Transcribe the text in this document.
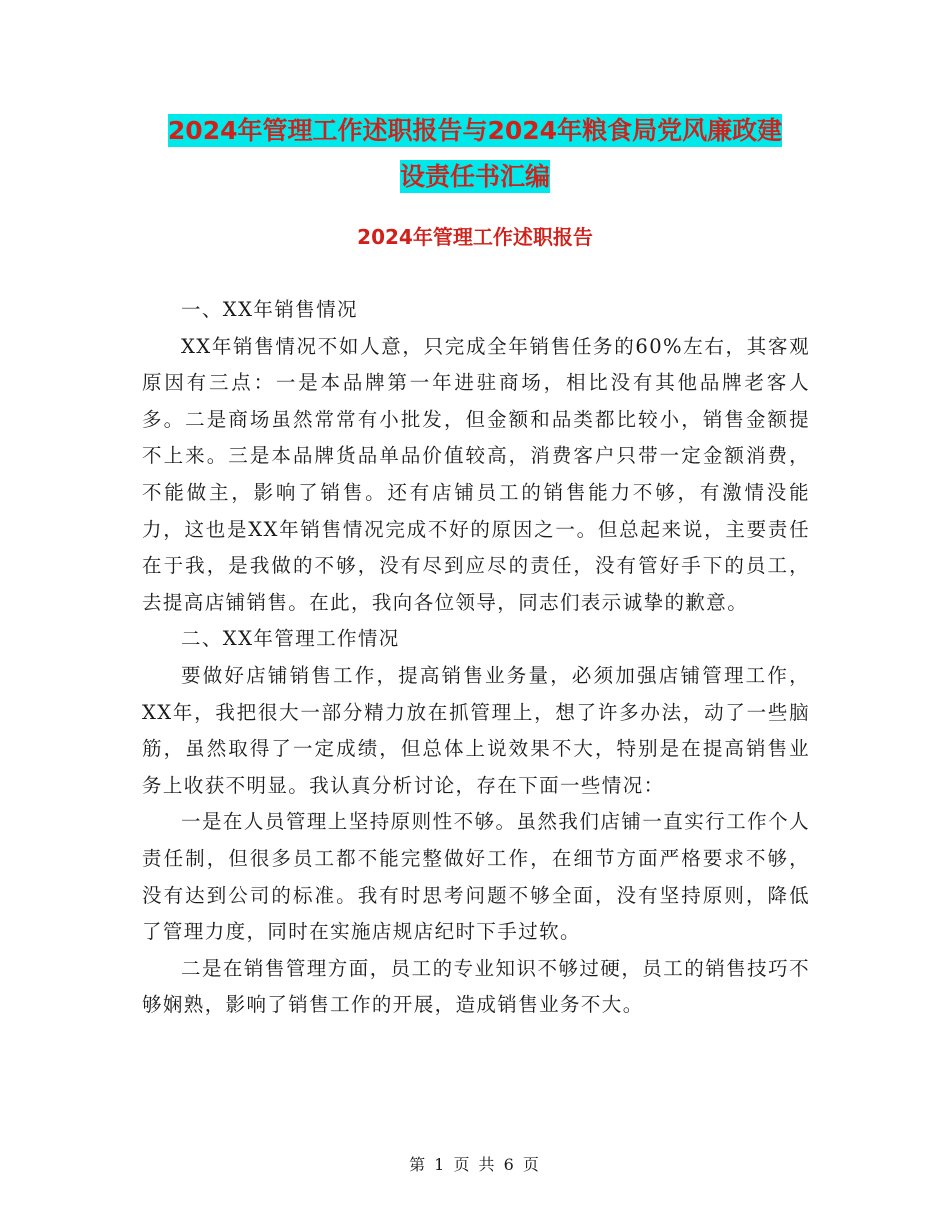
2024年管理工作述职报告与2024年粮食局党风廉政建
设责任书汇编
2024年管理工作述职报告

一、XX年销售情况

XX年销售情况不如人意，只完成全年销售任务的60%左右，其客观原因有三点：一是本品牌第一年进驻商场，相比没有其他品牌老客人多。二是商场虽然常常有小批发，但金额和品类都比较小，销售金额提不上来。三是本品牌货品单品价值较高，消费客户只带一定金额消费，不能做主，影响了销售。还有店铺员工的销售能力不够，有激情没能力，这也是XX年销售情况完成不好的原因之一。但总起来说，主要责任在于我，是我做的不够，没有尽到应尽的责任，没有管好手下的员工，去提高店铺销售。在此，我向各位领导，同志们表示诚挚的歉意。

二、XX年管理工作情况

要做好店铺销售工作，提高销售业务量，必须加强店铺管理工作，XX年，我把很大一部分精力放在抓管理上，想了许多办法，动了一些脑筋，虽然取得了一定成绩，但总体上说效果不大，特别是在提高销售业务上收获不明显。我认真分析讨论，存在下面一些情况：

一是在人员管理上坚持原则性不够。虽然我们店铺一直实行工作个人责任制，但很多员工都不能完整做好工作，在细节方面严格要求不够，没有达到公司的标准。我有时思考问题不够全面，没有坚持原则，降低了管理力度，同时在实施店规店纪时下手过软。

二是在销售管理方面，员工的专业知识不够过硬，员工的销售技巧不够娴熟，影响了销售工作的开展，造成销售业务不大。

第 1 页 共 6 页
